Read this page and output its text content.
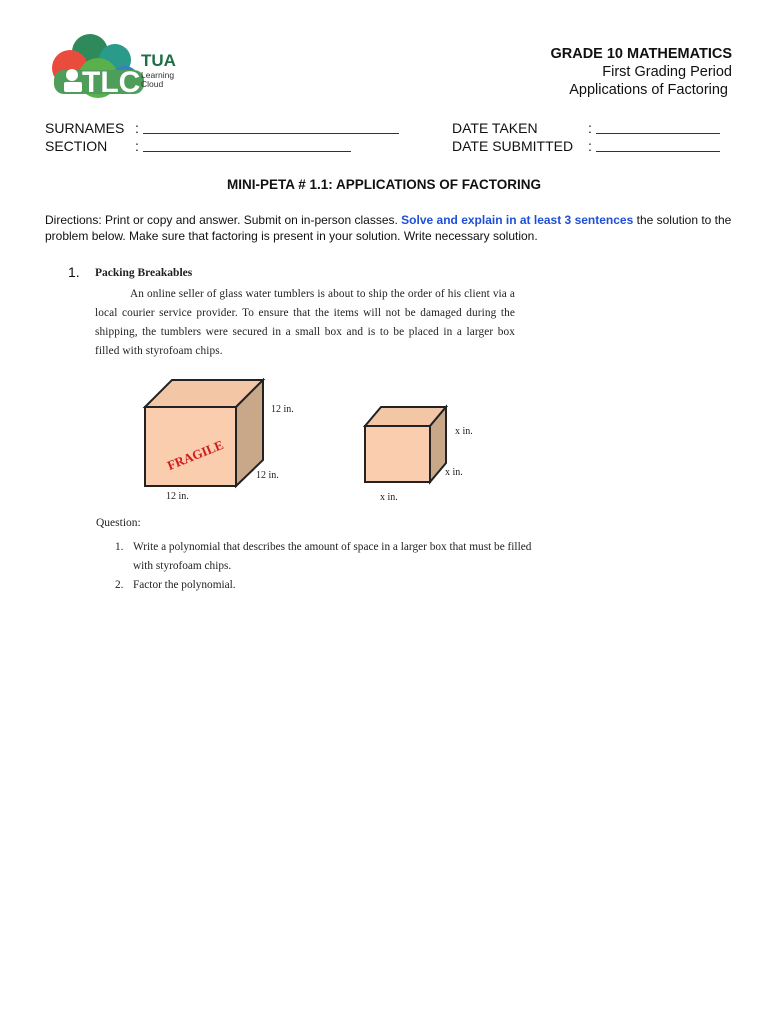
TLC
TUA
Learning
Cloud
GRADE 10 MATHEMATICS
First Grading Period
Applications of Factoring
SURNAMES :
SECTION :
DATE TAKEN	:
DATE SUBMITTED :
MINI-PETA # 1.1: APPLICATIONS OF FACTORING
Directions: Print or copy and answer. Submit on in-person classes. Solve and explain in at least 3 sentences the solution to the problem below. Make sure that factoring is present in your solution. Write necessary solution.
1. Packing Breakables
An online seller of glass water tumblers is about to ship the order of his client via a local courier service provider. To ensure that the items will not be damaged during the shipping, the tumblers were secured in a small box and is to be placed in a larger box filled with styrofoam chips.
FRAGILE
12 in.
12 in.
12 in.
x in.
x in.
x in.
Question:
1. Write a polynomial that describes the amount of space in a larger box that must be filled with styrofoam chips.
2. Factor the polynomial.
